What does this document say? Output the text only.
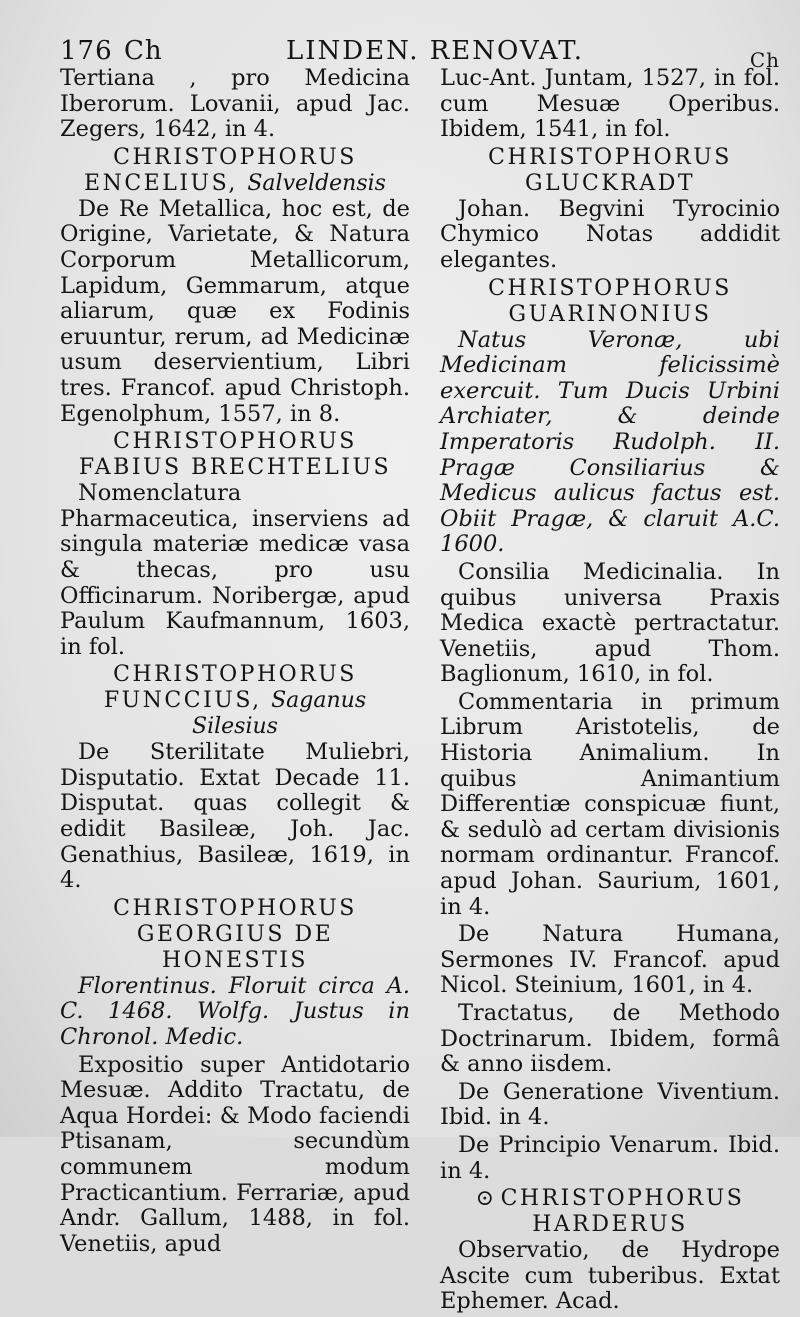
176 Ch	LINDEN. RENOVAT.	Ch

Tertiana , pro Medicina Iberorum. Lovanii, apud Jac. Zegers, 1642, in 4.

CHRISTOPHORUS ENCELIUS, Salveldensis

De Re Metallica, hoc est, de Origine, Varietate, & Natura Corporum Metallicorum, Lapidum, Gemmarum, atque aliarum, quæ ex Fodinis eruuntur, rerum, ad Medicinæ usum deservientium, Libri tres. Francof. apud Christoph. Egenolphum, 1557, in 8.

CHRISTOPHORUS FABIUS BRECHTELIUS

Nomenclatura Pharmaceutica, inserviens ad singula materiæ medicæ vasa & thecas, pro usu Officinarum. Noribergæ, apud Paulum Kaufmannum, 1603, in fol.

CHRISTOPHORUS FUNCCIUS, Saganus Silesius

De Sterilitate Muliebri, Disputatio. Extat Decade 11. Disputat. quas collegit & edidit Basileæ, Joh. Jac. Genathius, Basileæ, 1619, in 4.

CHRISTOPHORUS GEORGIUS DE HONESTIS

Florentinus. Floruit circa A. C. 1468. Wolfg. Justus in Chronol. Medic.

Expositio super Antidotario Mesuæ. Addito Tractatu, de Aqua Hordei: & Modo faciendi Ptisanam, secundùm communem modum Practicantium. Ferrariæ, apud Andr. Gallum, 1488, in fol. Venetiis, apud

Luc-Ant. Juntam, 1527, in fol. cum Mesuæ Operibus. Ibidem, 1541, in fol.

CHRISTOPHORUS GLUCKRADT

Johan. Begvini Tyrocinio Chymico Notas addidit elegantes.

CHRISTOPHORUS GUARINONIUS

Natus Veronæ, ubi Medicinam felicissimè exercuit. Tum Ducis Urbini Archiater, & deinde Imperatoris Rudolph. II. Pragæ Consiliarius & Medicus aulicus factus est. Obiit Pragæ, & claruit A.C. 1600.

Consilia Medicinalia. In quibus universa Praxis Medica exactè pertractatur. Venetiis, apud Thom. Baglionum, 1610, in fol.

Commentaria in primum Librum Aristotelis, de Historia Animalium. In quibus Animantium Differentiæ conspicuæ fiunt, & sedulò ad certam divisionis normam ordinantur. Francof. apud Johan. Saurium, 1601, in 4.

De Natura Humana, Sermones IV. Francof. apud Nicol. Steinium, 1601, in 4.

Tractatus, de Methodo Doctrinarum. Ibidem, formâ & anno iisdem.

De Generatione Viventium. Ibid. in 4.

De Principio Venarum. Ibid. in 4.

⊙ CHRISTOPHORUS HARDERUS

Observatio, de Hydrope Ascite cum tuberibus. Extat Ephemer. Acad.
